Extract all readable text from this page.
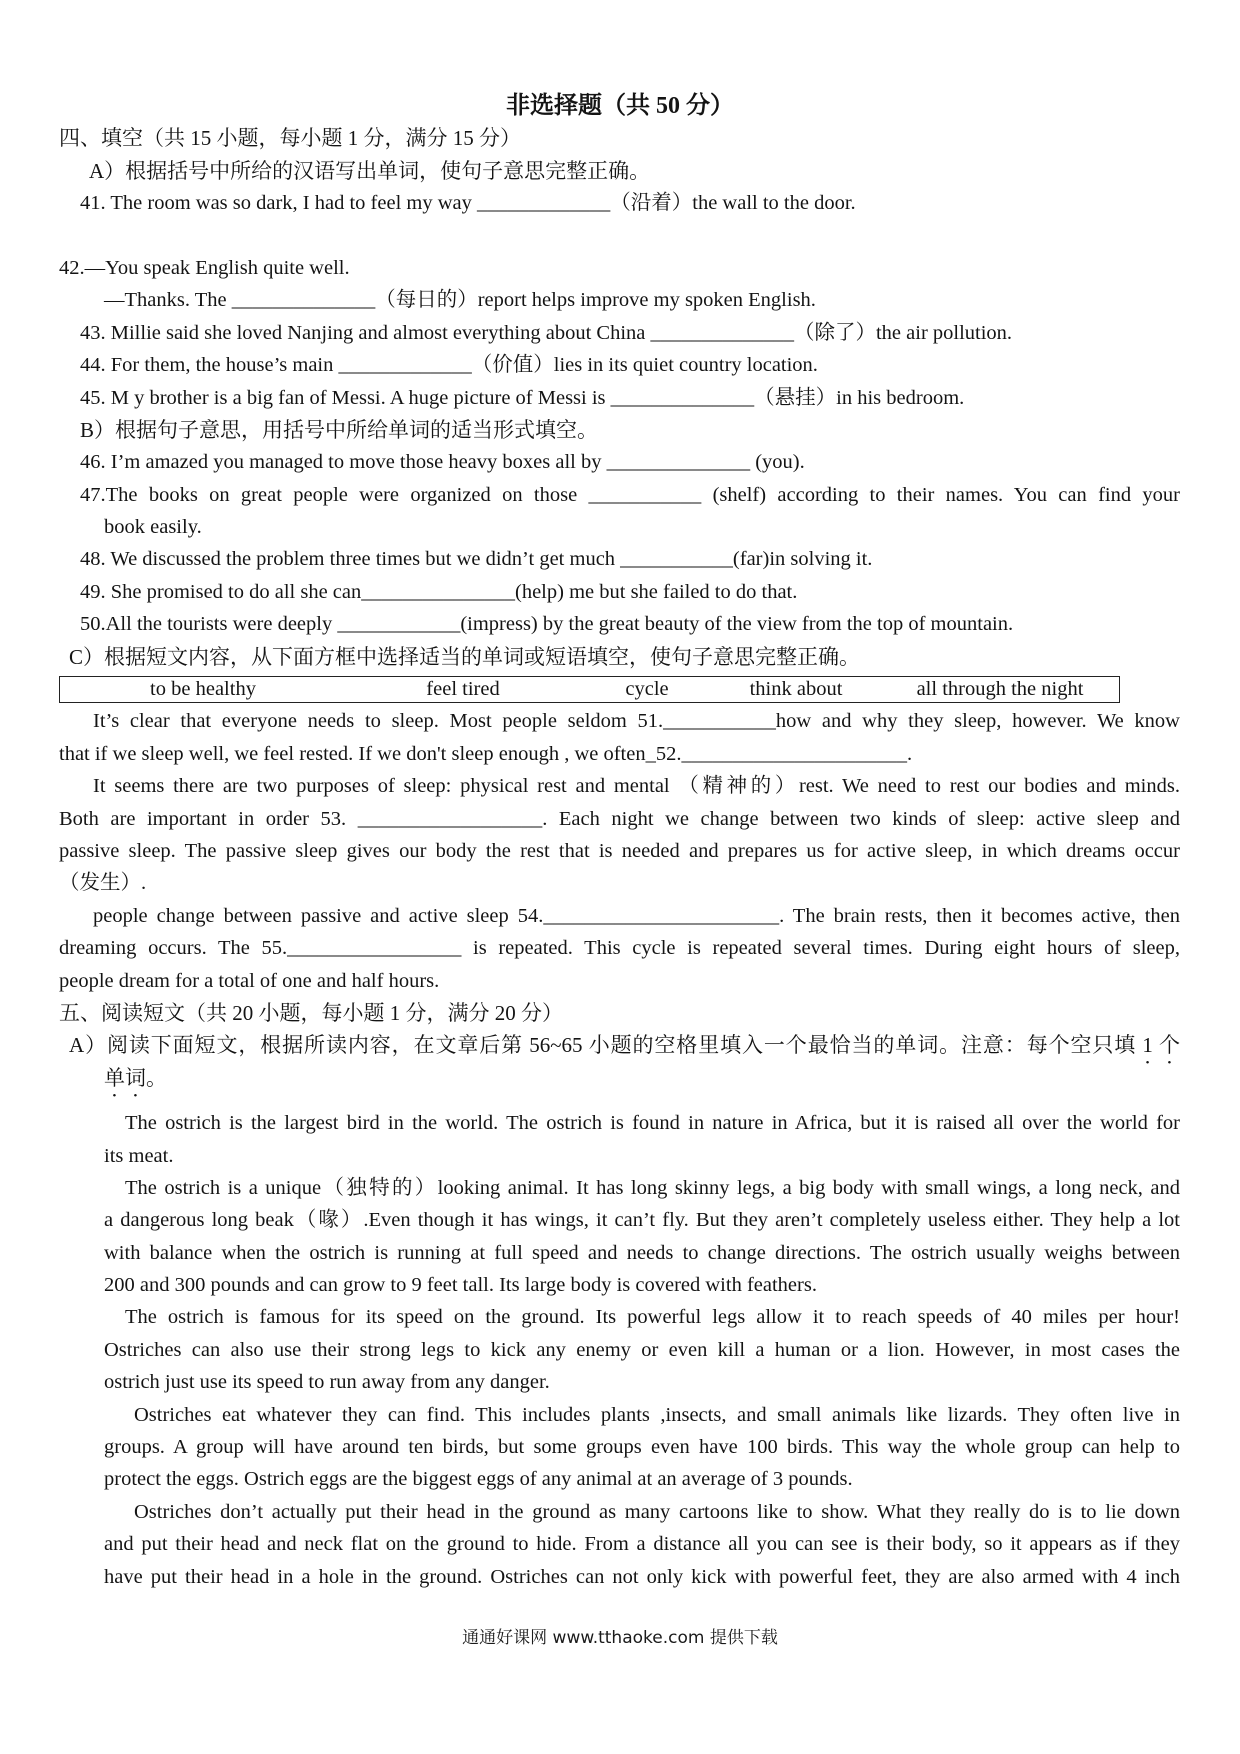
非选择题（共 50 分）
四、填空（共 15 小题，每小题 1 分，满分 15 分）
A）根据括号中所给的汉语写出单词，使句子意思完整正确。
41. The room was so dark, I had to feel my way _____________（沿着）the wall to the door.
42.—You speak English quite well.
—Thanks. The ______________（每日的）report helps improve my spoken English.
43. Millie said she loved Nanjing and almost everything about China ______________（除了）the air pollution.
44. For them, the house’s main _____________（价值）lies in its quiet country location.
45. M y brother is a big fan of Messi. A huge picture of Messi is ______________（悬挂）in his bedroom.
B）根据句子意思，用括号中所给单词的适当形式填空。
46. I’m amazed you managed to move those heavy boxes all by ______________ (you).
47.The books on great people were organized on those ___________ (shelf) according to their names. You can find your
book easily.
48. We discussed the problem three times but we didn’t get much ___________(far)in solving it.
49. She promised to do all she can_______________(help) me but she failed to do that.
50.All the tourists were deeply ____________(impress) by the great beauty of the view from the top of mountain.
C）根据短文内容，从下面方框中选择适当的单词或短语填空，使句子意思完整正确。
to be healthy	feel tired	cycle	think about	all through the night
It’s clear that everyone needs to sleep. Most people seldom 51.___________how and why they sleep, however. We know
that if we sleep well, we feel rested. If we don't sleep enough , we often_52.______________________.
It seems there are two purposes of sleep: physical rest and mental （精神的）rest. We need to rest our bodies and minds.
Both are important in order 53. __________________. Each night we change between two kinds of sleep: active sleep and
passive sleep. The passive sleep gives our body the rest that is needed and prepares us for active sleep, in which dreams occur
（发生）.
people change between passive and active sleep 54._______________________. The brain rests, then it becomes active, then
dreaming occurs. The 55._________________ is repeated. This cycle is repeated several times. During eight hours of sleep,
people dream for a total of one and half hours.
五、阅读短文（共 20 小题，每小题 1 分，满分 20 分）
A）阅读下面短文，根据所读内容，在文章后第 56~65 小题的空格里填入一个最恰当的单词。注意：每个空只填 1 个
单词。
The ostrich is the largest bird in the world. The ostrich is found in nature in Africa, but it is raised all over the world for
its meat.
The ostrich is a unique（独特的）looking animal. It has long skinny legs, a big body with small wings, a long neck, and
a dangerous long beak（喙）.Even though it has wings, it can’t fly. But they aren’t completely useless either. They help a lot
with balance when the ostrich is running at full speed and needs to change directions. The ostrich usually weighs between
200 and 300 pounds and can grow to 9 feet tall. Its large body is covered with feathers.
The ostrich is famous for its speed on the ground. Its powerful legs allow it to reach speeds of 40 miles per hour!
Ostriches can also use their strong legs to kick any enemy or even kill a human or a lion. However, in most cases the
ostrich just use its speed to run away from any danger.
Ostriches eat whatever they can find. This includes plants ,insects, and small animals like lizards. They often live in
groups. A group will have around ten birds, but some groups even have 100 birds. This way the whole group can help to
protect the eggs. Ostrich eggs are the biggest eggs of any animal at an average of 3 pounds.
Ostriches don’t actually put their head in the ground as many cartoons like to show. What they really do is to lie down
and put their head and neck flat on the ground to hide. From a distance all you can see is their body, so it appears as if they
have put their head in a hole in the ground. Ostriches can not only kick with powerful feet, they are also armed with 4 inch
通通好课网 www.tthaoke.com 提供下载
